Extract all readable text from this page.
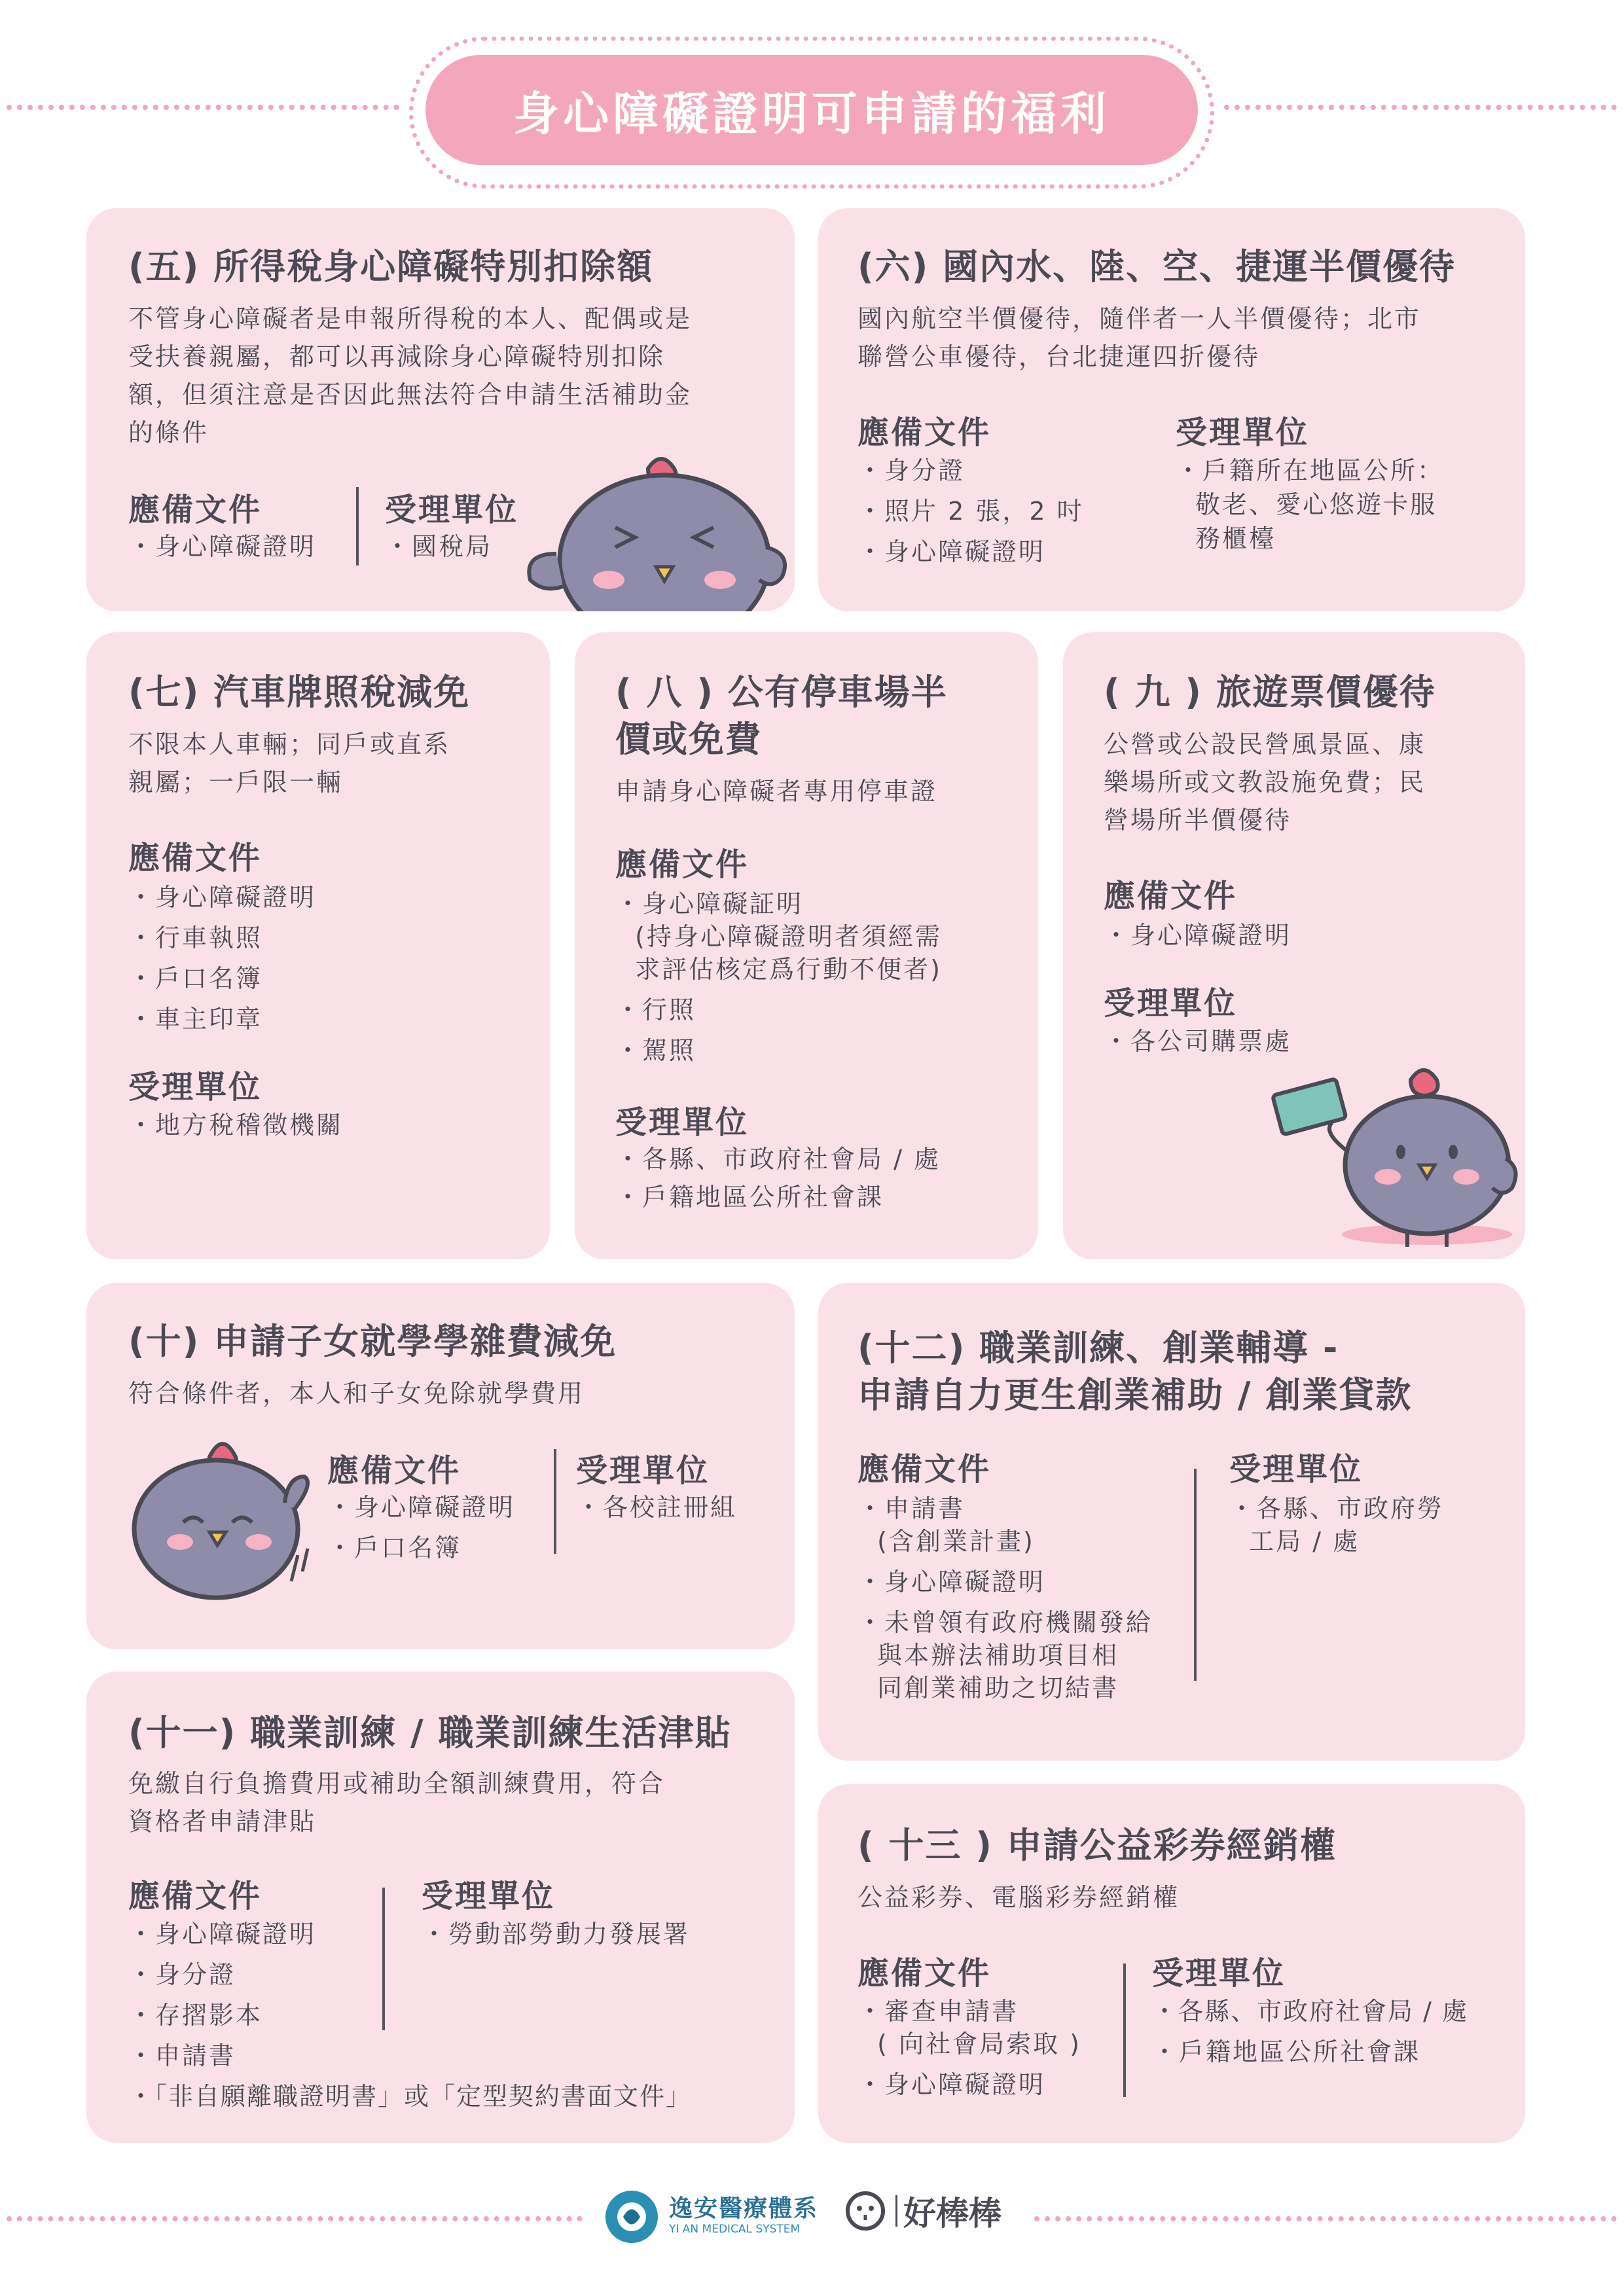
身心障礙證明可申請的福利
(五) 所得稅身心障礙特別扣除額
不管身心障礙者是申報所得稅的本人、配偶或是
受扶養親屬，都可以再減除身心障礙特別扣除
額，但須注意是否因此無法符合申請生活補助金
的條件
應備文件
・身心障礙證明
受理單位
・國稅局
(六) 國內水、陸、空、捷運半價優待
國內航空半價優待，隨伴者一人半價優待；北市
聯營公車優待，台北捷運四折優待
應備文件
・身分證
・照片 2 張，2 吋
・身心障礙證明
受理單位
・戶籍所在地區公所：
敬老、愛心悠遊卡服
務櫃檯
(七) 汽車牌照稅減免
不限本人車輛；同戶或直系
親屬；一戶限一輛
應備文件
・身心障礙證明
・行車執照
・戶口名簿
・車主印章
受理單位
・地方稅稽徵機關
( 八 ) 公有停車場半
價或免費
申請身心障礙者專用停車證
應備文件
・身心障礙証明
(持身心障礙證明者須經需
求評估核定爲行動不便者)
・行照
・駕照
受理單位
・各縣、市政府社會局 / 處
・戶籍地區公所社會課
( 九 ) 旅遊票價優待
公營或公設民營風景區、康
樂場所或文教設施免費；民
營場所半價優待
應備文件
・身心障礙證明
受理單位
・各公司購票處
(十) 申請子女就學學雜費減免
符合條件者，本人和子女免除就學費用
應備文件
・身心障礙證明
・戶口名簿
受理單位
・各校註冊組
(十一) 職業訓練 / 職業訓練生活津貼
免繳自行負擔費用或補助全額訓練費用，符合
資格者申請津貼
應備文件
・身心障礙證明
・身分證
・存摺影本
・申請書
・「非自願離職證明書」或「定型契約書面文件」
受理單位
・勞動部勞動力發展署
(十二) 職業訓練、創業輔導 -
申請自力更生創業補助 / 創業貸款
應備文件
・申請書
(含創業計畫)
・身心障礙證明
・未曾領有政府機關發給
與本辦法補助項目相
同創業補助之切結書
受理單位
・各縣、市政府勞
工局 / 處
( 十三 ) 申請公益彩券經銷權
公益彩券、電腦彩券經銷權
應備文件
・審查申請書
( 向社會局索取 )
・身心障礙證明
受理單位
・各縣、市政府社會局 / 處
・戶籍地區公所社會課
逸安醫療體系
YI AN MEDICAL SYSTEM	好棒棒
